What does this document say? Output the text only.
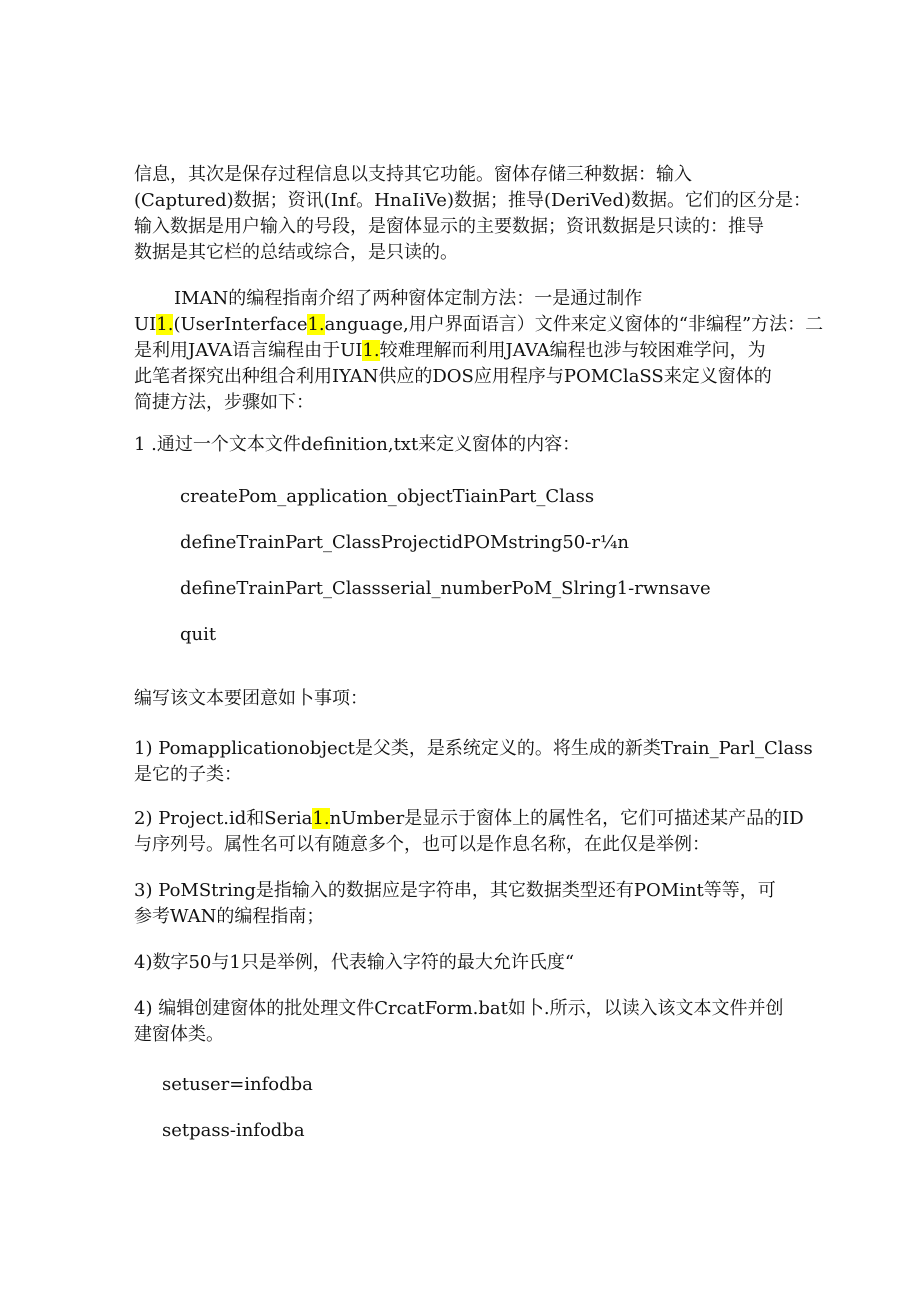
信息，其次是保存过程信息以支持其它功能。窗体存储三种数据：输入
(Captured)数据；资讯(Inf。HnaIiVe)数据；推导(DeriVed)数据。它们的区分是：
输入数据是用户输入的号段，是窗体显示的主要数据；资讯数据是只读的：推导
数据是其它栏的总结或综合，是只读的。
IMAN的编程指南介绍了两种窗体定制方法：一是通过制作
UI1.(UserInterface1.anguage,用户界面语言）文件来定义窗体的“非编程”方法：二
是利用JAVA语言编程由于UI1.较难理解而利用JAVA编程也涉与较困难学问，为
此笔者探究出种组合利用IYAN供应的DOS应用程序与POMClaSS来定义窗体的
简捷方法，步骤如下：
1 .通过一个文本文件definition,txt来定义窗体的内容：
createPom_application_objectTiainPart_Class
defineTrainPart_ClassProjectidPOMstring50-r¼n
defineTrainPart_Classserial_numberPoM_Slring1-rwnsave
quit
编写该文本要团意如卜事项：
1) Pomapplicationobject是父类，是系统定义的。将生成的新类Train_Parl_Class
是它的子类：
2) Project.id和Seria1.nUmber是显示于窗体上的属性名，它们可描述某产品的ID
与序列号。属性名可以有随意多个，也可以是作息名称，在此仅是举例：
3) PoMString是指输入的数据应是字符串，其它数据类型还有POMint等等，可
参考WAN的编程指南；
4)数字50与1只是举例，代表输入字符的最大允许氏度“
4) 编辑创建窗体的批处理文件CrcatForm.bat如卜.所示，以读入该文本文件并创
建窗体类。
setuser=infodba
setpass-infodba
